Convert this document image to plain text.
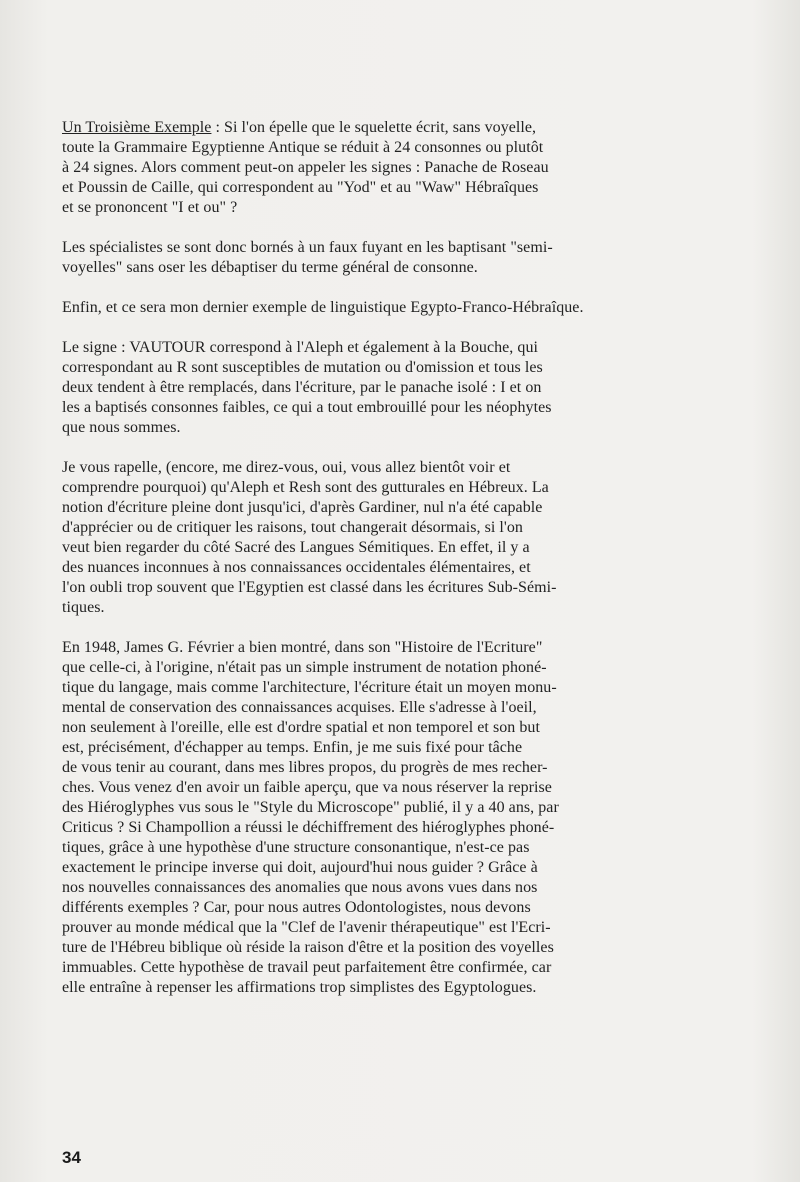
Un Troisième Exemple : Si l'on épelle que le squelette écrit, sans voyelle,
toute la Grammaire Egyptienne Antique se réduit à 24 consonnes ou plutôt
à 24 signes. Alors comment peut-on appeler les signes : Panache de Roseau
et Poussin de Caille, qui correspondent au "Yod" et au "Waw" Hébraîques
et se prononcent "I et ou" ?

Les spécialistes se sont donc bornés à un faux fuyant en les baptisant "semi-
voyelles" sans oser les débaptiser du terme général de consonne.

Enfin, et ce sera mon dernier exemple de linguistique Egypto-Franco-Hébraîque.

Le signe : VAUTOUR correspond à l'Aleph et également à la Bouche, qui
correspondant au R sont susceptibles de mutation ou d'omission et tous les
deux tendent à être remplacés, dans l'écriture, par le panache isolé : I et on
les a baptisés consonnes faibles, ce qui a tout embrouillé pour les néophytes
que nous sommes.

Je vous rapelle, (encore, me direz-vous, oui, vous allez bientôt voir et
comprendre pourquoi) qu'Aleph et Resh sont des gutturales en Hébreux. La
notion d'écriture pleine dont jusqu'ici, d'après Gardiner, nul n'a été capable
d'apprécier ou de critiquer les raisons, tout changerait désormais, si l'on
veut bien regarder du côté Sacré des Langues Sémitiques. En effet, il y a
des nuances inconnues à nos connaissances occidentales élémentaires, et
l'on oubli trop souvent que l'Egyptien est classé dans les écritures Sub-Sémi-
tiques.

En 1948, James G. Février a bien montré, dans son "Histoire de l'Ecriture"
que celle-ci, à l'origine, n'était pas un simple instrument de notation phoné-
tique du langage, mais comme l'architecture, l'écriture était un moyen monu-
mental de conservation des connaissances acquises. Elle s'adresse à l'oeil,
non seulement à l'oreille, elle est d'ordre spatial et non temporel et son but
est, précisément, d'échapper au temps. Enfin, je me suis fixé pour tâche
de vous tenir au courant, dans mes libres propos, du progrès de mes recher-
ches. Vous venez d'en avoir un faible aperçu, que va nous réserver la reprise
des Hiéroglyphes vus sous le "Style du Microscope" publié, il y a 40 ans, par
Criticus ? Si Champollion a réussi le déchiffrement des hiéroglyphes phoné-
tiques, grâce à une hypothèse d'une structure consonantique, n'est-ce pas
exactement le principe inverse qui doit, aujourd'hui nous guider ? Grâce à
nos nouvelles connaissances des anomalies que nous avons vues dans nos
différents exemples ? Car, pour nous autres Odontologistes, nous devons
prouver au monde médical que la "Clef de l'avenir thérapeutique" est l'Ecri-
ture de l'Hébreu biblique où réside la raison d'être et la position des voyelles
immuables. Cette hypothèse de travail peut parfaitement être confirmée, car
elle entraîne à repenser les affirmations trop simplistes des Egyptologues.

34
